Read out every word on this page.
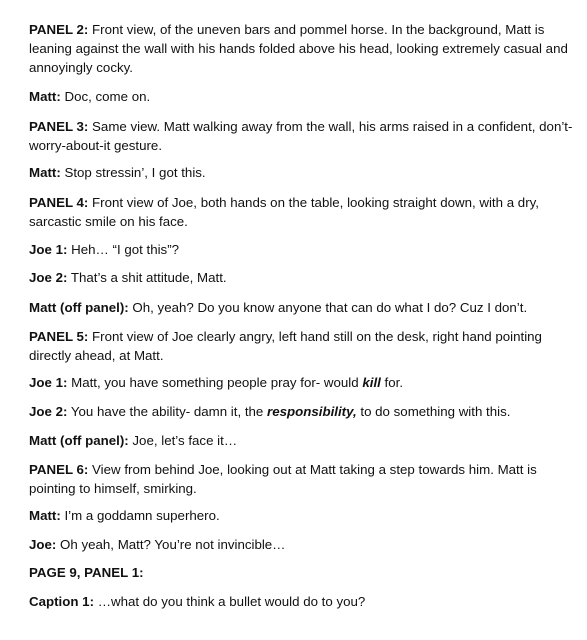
PANEL 2: Front view, of the uneven bars and pommel horse. In the background, Matt is leaning against the wall with his hands folded above his head, looking extremely casual and annoyingly cocky.

Matt: Doc, come on.

PANEL 3: Same view. Matt walking away from the wall, his arms raised in a confident, don’t-worry-about-it gesture.

Matt: Stop stressin’, I got this.

PANEL 4: Front view of Joe, both hands on the table, looking straight down, with a dry, sarcastic smile on his face.

Joe 1: Heh… “I got this”?

Joe 2: That’s a shit attitude, Matt.

Matt (off panel): Oh, yeah? Do you know anyone that can do what I do? Cuz I don’t.

PANEL 5: Front view of Joe clearly angry, left hand still on the desk, right hand pointing directly ahead, at Matt.

Joe 1: Matt, you have something people pray for- would kill for.

Joe 2: You have the ability- damn it, the responsibility, to do something with this.

Matt (off panel): Joe, let’s face it…

PANEL 6: View from behind Joe, looking out at Matt taking a step towards him. Matt is pointing to himself, smirking.

Matt: I’m a goddamn superhero.

Joe: Oh yeah, Matt? You’re not invincible…

PAGE 9, PANEL 1:

Caption 1: …what do you think a bullet would do to you?
